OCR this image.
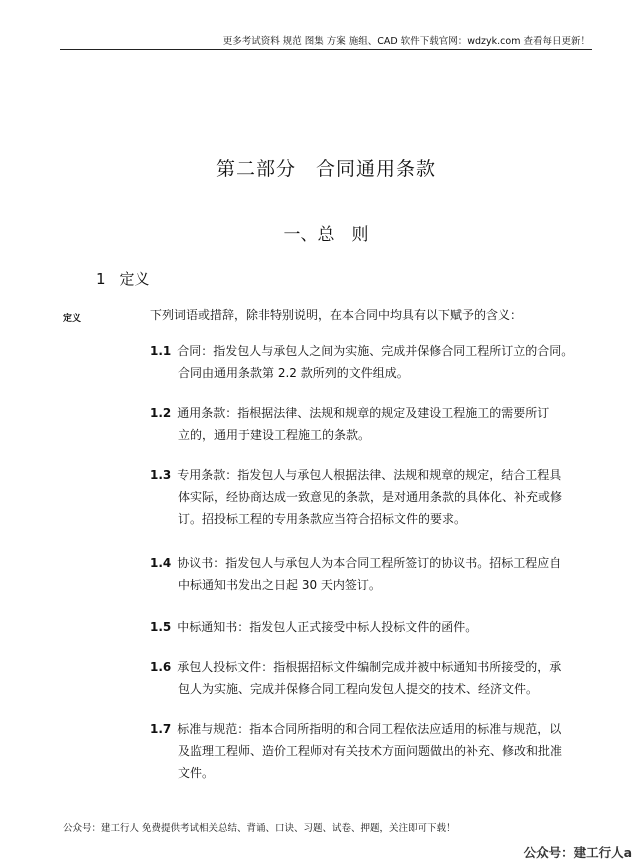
更多考试资料 规范 图集 方案 施组、CAD 软件下载官网：wdzyk.com 查看每日更新！
第二部分　合同通用条款
一、总　则
1 定义
定义	下列词语或措辞，除非特别说明，在本合同中均具有以下赋予的含义：
1.1 合同：指发包人与承包人之间为实施、完成并保修合同工程所订立的合同。
合同由通用条款第 2.2 款所列的文件组成。
1.2 通用条款：指根据法律、法规和规章的规定及建设工程施工的需要所订
立的，通用于建设工程施工的条款。
1.3 专用条款：指发包人与承包人根据法律、法规和规章的规定，结合工程具
体实际，经协商达成一致意见的条款，是对通用条款的具体化、补充或修
订。招投标工程的专用条款应当符合招标文件的要求。
1.4 协议书：指发包人与承包人为本合同工程所签订的协议书。招标工程应自
中标通知书发出之日起 30 天内签订。
1.5 中标通知书：指发包人正式接受中标人投标文件的函件。
1.6 承包人投标文件：指根据招标文件编制完成并被中标通知书所接受的，承
包人为实施、完成并保修合同工程向发包人提交的技术、经济文件。
1.7 标准与规范：指本合同所指明的和合同工程依法应适用的标准与规范，以
及监理工程师、造价工程师对有关技术方面问题做出的补充、修改和批准
文件。
公众号：建工行人 免费提供考试相关总结、背诵、口诀、习题、试卷、押题，关注即可下载！
公众号：建工行人a
